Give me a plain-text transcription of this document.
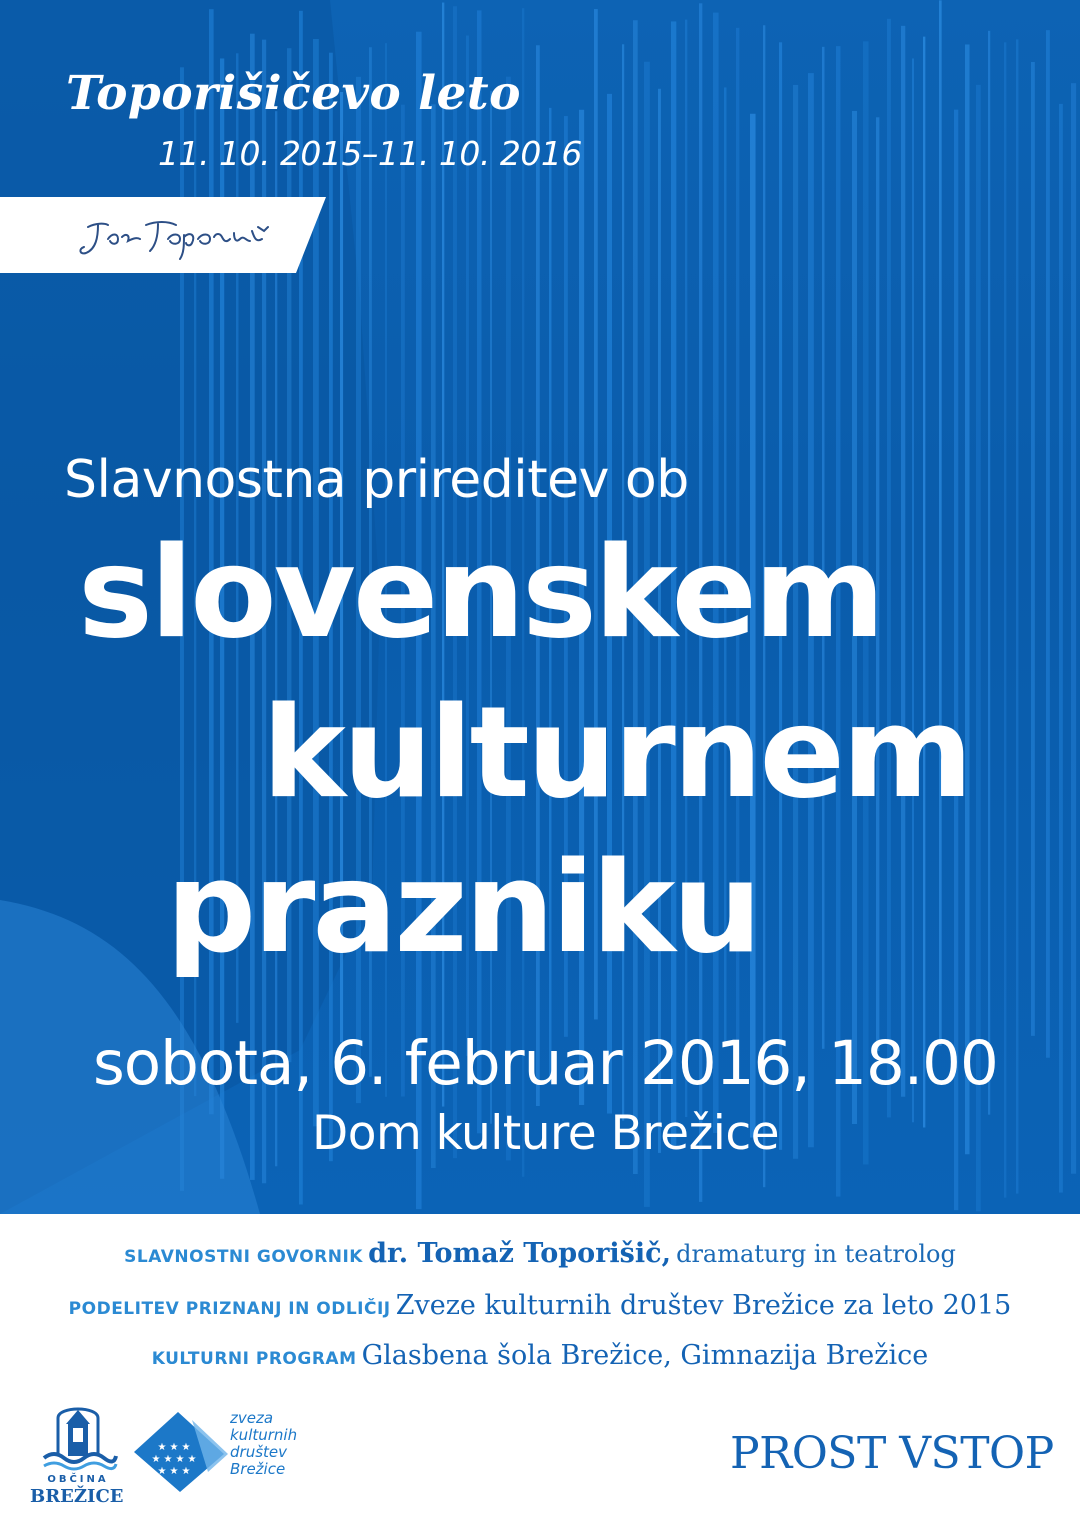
Toporišičevo leto
11. 10. 2015–11. 10. 2016
Slavnostna prireditev ob
slovenskem
kulturnem
prazniku
sobota, 6. februar 2016, 18.00
Dom kulture Brežice
SLAVNOSTNI GOVORNIK dr. Tomaž Toporišič, dramaturg in teatrolog
PODELITEV PRIZNANJ IN ODLIČIJ Zveze kulturnih društev Brežice za leto 2015
KULTURNI PROGRAM Glasbena šola Brežice, Gimnazija Brežice
OBČINA
BREŽICE
★ ★ ★
★ ★ ★ ★
★ ★ ★
zveza
kulturnih
društev
Brežice	PROST VSTOP
